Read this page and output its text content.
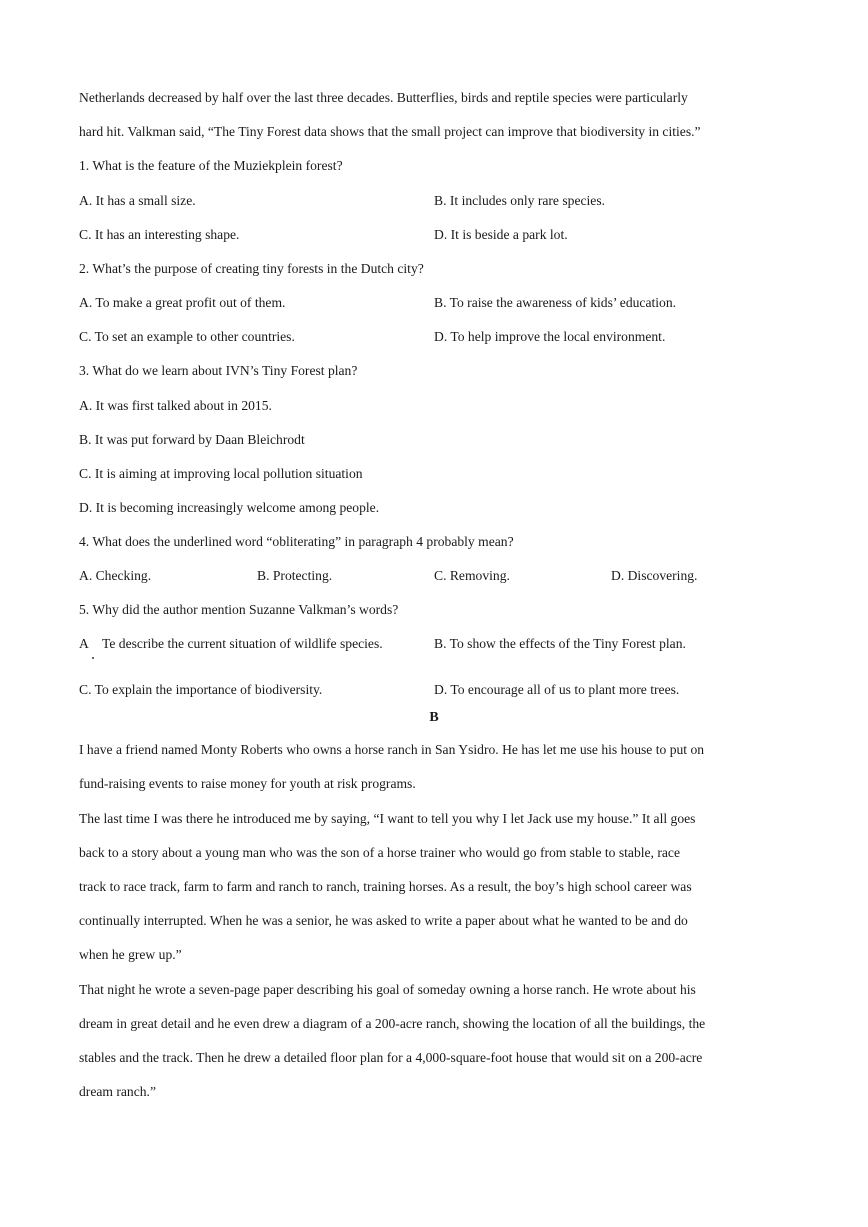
Netherlands decreased by half over the last three decades. Butterflies, birds and reptile species were particularly
hard hit. Valkman said, “The Tiny Forest data shows that the small project can improve that biodiversity in cities.”
1. What is the feature of the Muziekplein forest?
A. It has a small size.	B. It includes only rare species.
C. It has an interesting shape.	D. It is beside a park lot.
2. What’s the purpose of creating tiny forests in the Dutch city?
A. To make a great profit out of them.	B. To raise the awareness of kids’ education.
C. To set an example to other countries.	D. To help improve the local environment.
3. What do we learn about IVN’s Tiny Forest plan?
A. It was first talked about in 2015.
B. It was put forward by Daan Bleichrodt
C. It is aiming at improving local pollution situation
D. It is becoming increasingly welcome among people.
4. What does the underlined word “obliterating” in paragraph 4 probably mean?
A. Checking.	B. Protecting.	C. Removing.	D. Discovering.
5. Why did the author mention Suzanne Valkman’s words?
A Te describe the current situation of wildlife species.	B. To show the effects of the Tiny Forest plan.
C. To explain the importance of biodiversity.	D. To encourage all of us to plant more trees.
B
I have a friend named Monty Roberts who owns a horse ranch in San Ysidro. He has let me use his house to put on
fund-raising events to raise money for youth at risk programs.
The last time I was there he introduced me by saying, “I want to tell you why I let Jack use my house.” It all goes
back to a story about a young man who was the son of a horse trainer who would go from stable to stable, race
track to race track, farm to farm and ranch to ranch, training horses. As a result, the boy’s high school career was
continually interrupted. When he was a senior, he was asked to write a paper about what he wanted to be and do
when he grew up.”
That night he wrote a seven-page paper describing his goal of someday owning a horse ranch. He wrote about his
dream in great detail and he even drew a diagram of a 200-acre ranch, showing the location of all the buildings, the
stables and the track. Then he drew a detailed floor plan for a 4,000-square-foot house that would sit on a 200-acre
dream ranch.”
